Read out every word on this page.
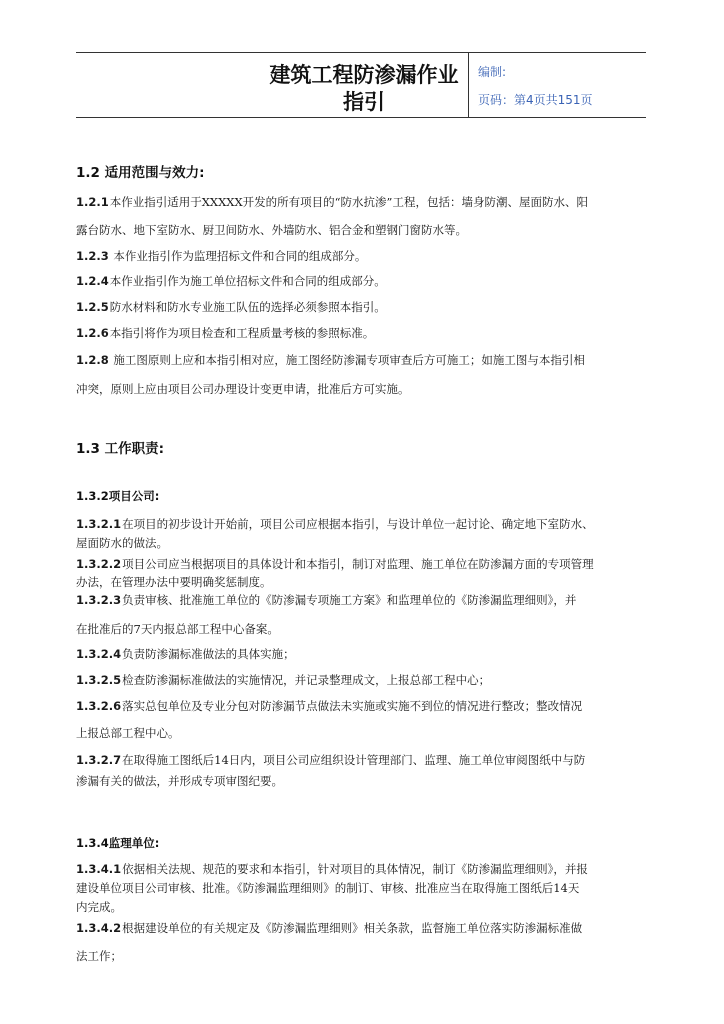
建筑工程防渗漏作业
指引
编制:
页码：第4页共151页
1.2 适用范围与效力:
1.2.1本作业指引适用于XXXXX开发的所有项目的“防水抗渗”工程，包括：墙身防潮、屋面防水、阳
露台防水、地下室防水、厨卫间防水、外墙防水、铝合金和塑钢门窗防水等。
1.2.3 本作业指引作为监理招标文件和合同的组成部分。
1.2.4本作业指引作为施工单位招标文件和合同的组成部分。
1.2.5防水材料和防水专业施工队伍的选择必须参照本指引。
1.2.6本指引将作为项目检查和工程质量考核的参照标准。
1.2.8 施工图原则上应和本指引相对应，施工图经防渗漏专项审查后方可施工；如施工图与本指引相
冲突，原则上应由项目公司办理设计变更申请，批准后方可实施。
1.3 工作职责:
1.3.2项目公司:
1.3.2.1在项目的初步设计开始前，项目公司应根据本指引，与设计单位一起讨论、确定地下室防水、
屋面防水的做法。
1.3.2.2项目公司应当根据项目的具体设计和本指引，制订对监理、施工单位在防渗漏方面的专项管理
办法，在管理办法中要明确奖惩制度。
1.3.2.3负责审核、批准施工单位的《防渗漏专项施工方案》和监理单位的《防渗漏监理细则》，并
在批准后的7天内报总部工程中心备案。
1.3.2.4负责防渗漏标准做法的具体实施；
1.3.2.5检查防渗漏标准做法的实施情况，并记录整理成文，上报总部工程中心；
1.3.2.6落实总包单位及专业分包对防渗漏节点做法未实施或实施不到位的情况进行整改；整改情况
上报总部工程中心。
1.3.2.7在取得施工图纸后14日内，项目公司应组织设计管理部门、监理、施工单位审阅图纸中与防
渗漏有关的做法，并形成专项审图纪要。
1.3.4监理单位:
1.3.4.1依据相关法规、规范的要求和本指引，针对项目的具体情况，制订《防渗漏监理细则》，并报
建设单位项目公司审核、批准。《防渗漏监理细则》的制订、审核、批准应当在取得施工图纸后14天
内完成。
1.3.4.2根据建设单位的有关规定及《防渗漏监理细则》相关条款，监督施工单位落实防渗漏标准做
法工作；
